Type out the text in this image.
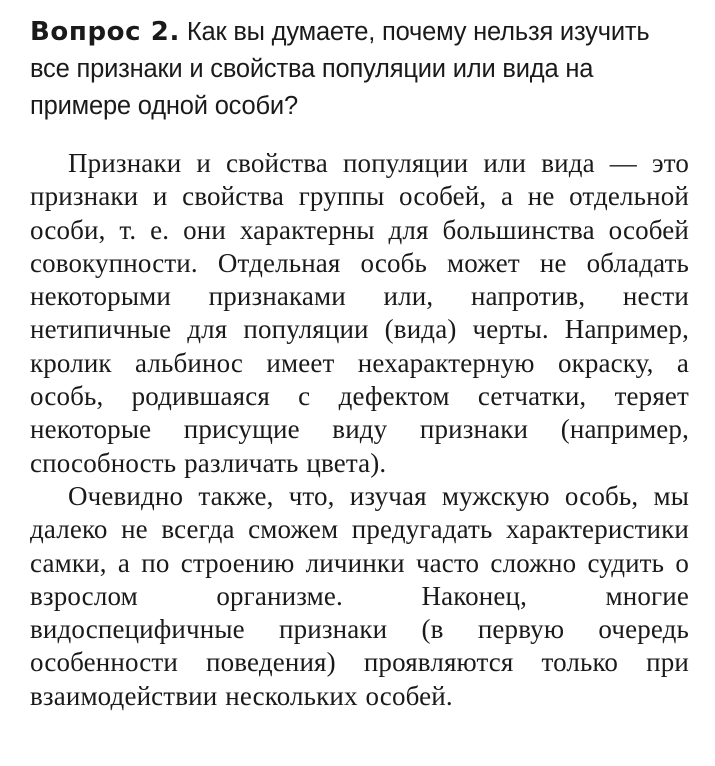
Вопрос 2. Как вы думаете, почему нельзя изучить все признаки и свойства популяции или вида на примере одной особи?

Признаки и свойства популяции или вида — это признаки и свойства группы особей, а не отдельной особи, т. е. они характерны для большинства особей совокупности. Отдельная особь может не обладать некоторыми признаками или, напротив, нести нетипичные для популяции (вида) черты. Например, кролик альбинос имеет нехарактерную окраску, а особь, родившаяся с дефектом сетчатки, теряет некоторые присущие виду признаки (например, способность различать цвета).

Очевидно также, что, изучая мужскую особь, мы далеко не всегда сможем предугадать характеристики самки, а по строению личинки часто сложно судить о взрослом организме. Наконец, многие видоспецифичные признаки (в первую очередь особенности поведения) проявляются только при взаимодействии нескольких особей.
